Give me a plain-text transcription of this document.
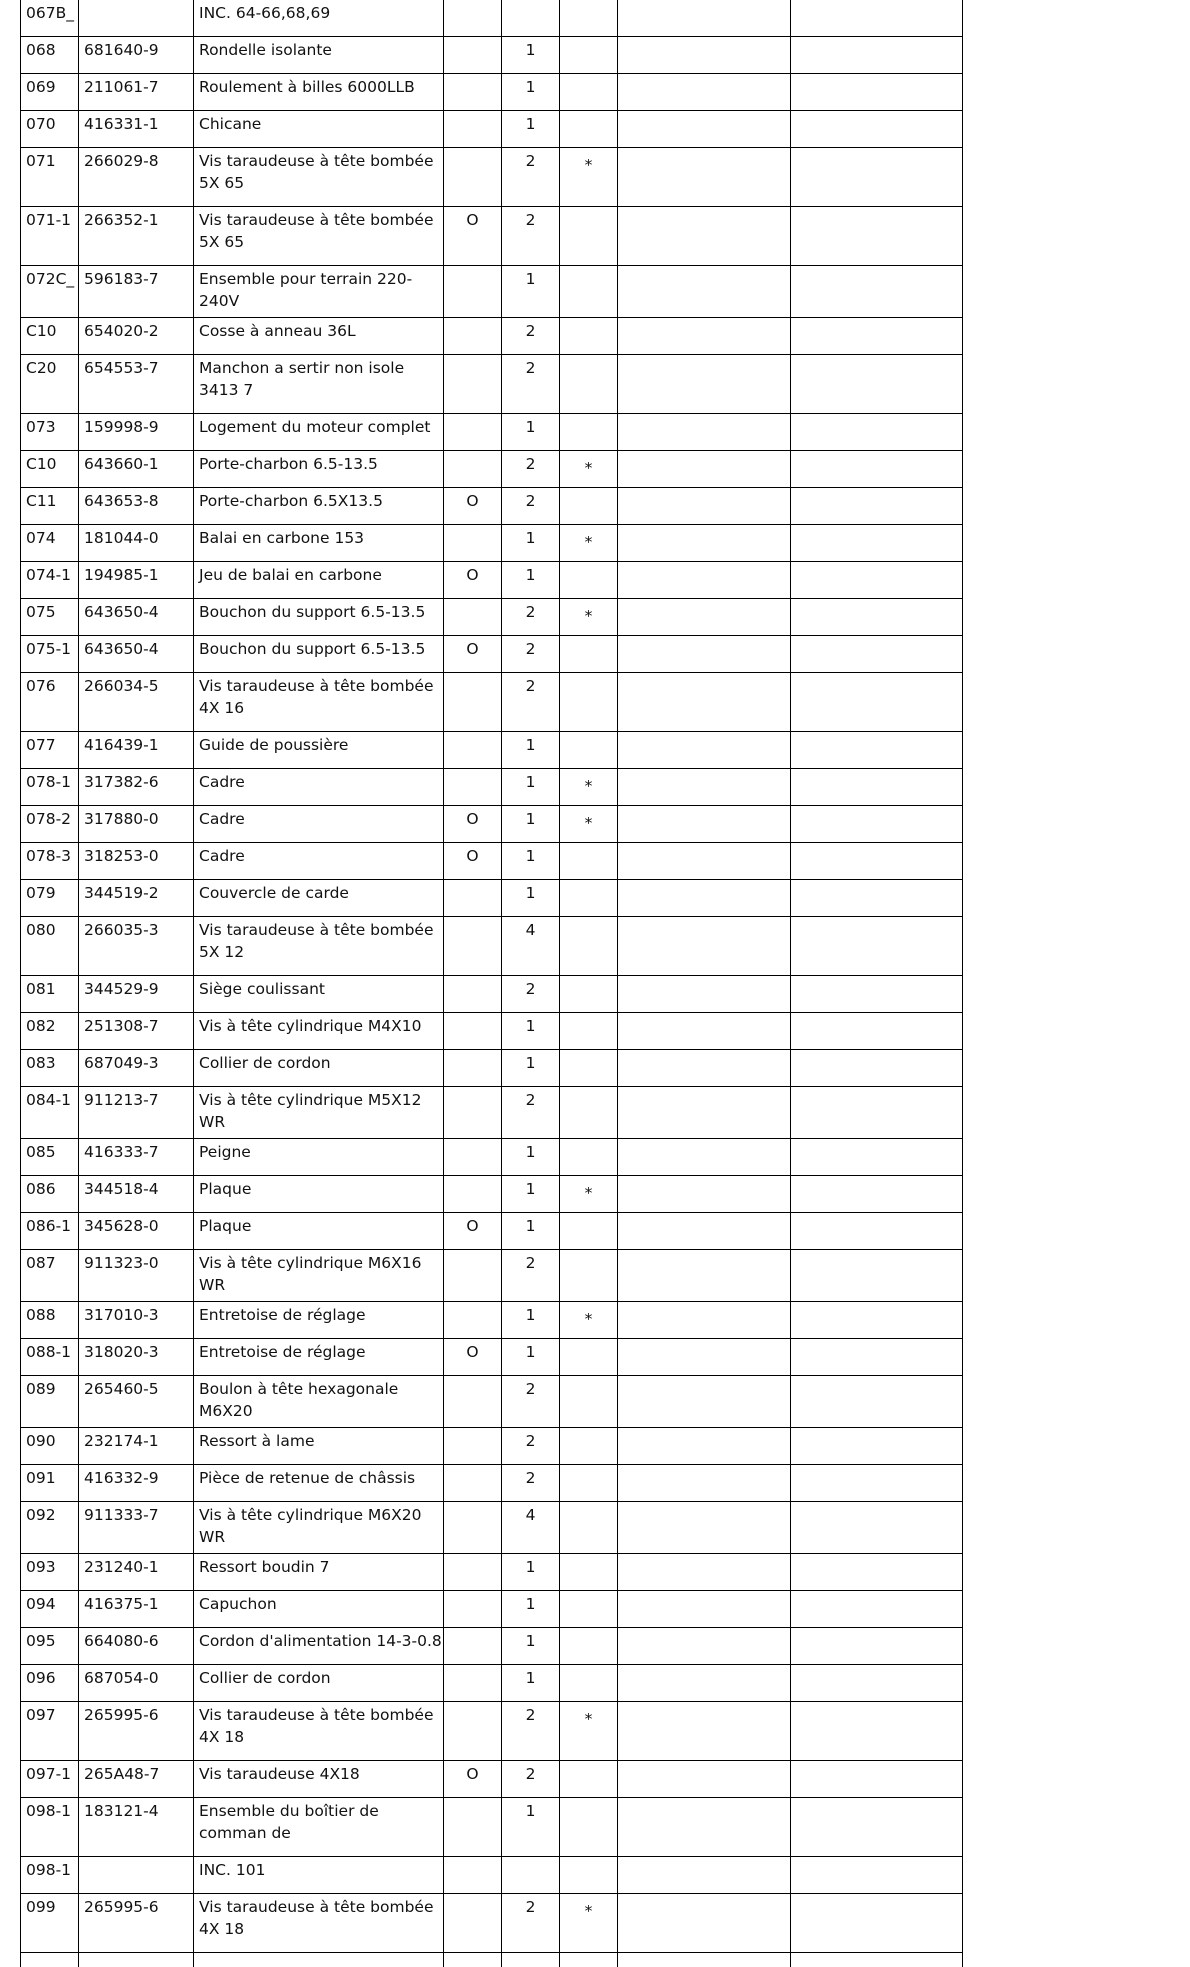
067B_		INC. 64-66,68,69					
068	681640-9	Rondelle isolante		1			
069	211061-7	Roulement à billes 6000LLB		1			
070	416331-1	Chicane		1			
071	266029-8	Vis taraudeuse à tête bombée 5X 65		2	*		
071-1	266352-1	Vis taraudeuse à tête bombée 5X 65	O	2			
072C_	596183-7	Ensemble pour terrain 220-240V		1			
C10	654020-2	Cosse à anneau 36L		2			
C20	654553-7	Manchon a sertir non isole 3413 7		2			
073	159998-9	Logement du moteur complet		1			
C10	643660-1	Porte-charbon 6.5-13.5		2	*		
C11	643653-8	Porte-charbon 6.5X13.5	O	2			
074	181044-0	Balai en carbone 153		1	*		
074-1	194985-1	Jeu de balai en carbone	O	1			
075	643650-4	Bouchon du support 6.5-13.5		2	*		
075-1	643650-4	Bouchon du support 6.5-13.5	O	2			
076	266034-5	Vis taraudeuse à tête bombée 4X 16		2			
077	416439-1	Guide de poussière		1			
078-1	317382-6	Cadre		1	*		
078-2	317880-0	Cadre	O	1	*		
078-3	318253-0	Cadre	O	1			
079	344519-2	Couvercle de carde		1			
080	266035-3	Vis taraudeuse à tête bombée 5X 12		4			
081	344529-9	Siège coulissant		2			
082	251308-7	Vis à tête cylindrique M4X10		1			
083	687049-3	Collier de cordon		1			
084-1	911213-7	Vis à tête cylindrique M5X12 WR		2			
085	416333-7	Peigne		1			
086	344518-4	Plaque		1	*		
086-1	345628-0	Plaque	O	1			
087	911323-0	Vis à tête cylindrique M6X16 WR		2			
088	317010-3	Entretoise de réglage		1	*		
088-1	318020-3	Entretoise de réglage	O	1			
089	265460-5	Boulon à tête hexagonale M6X20		2			
090	232174-1	Ressort à lame		2			
091	416332-9	Pièce de retenue de châssis		2			
092	911333-7	Vis à tête cylindrique M6X20 WR		4			
093	231240-1	Ressort boudin 7		1			
094	416375-1	Capuchon		1			
095	664080-6	Cordon d'alimentation 14-3-0.8		1			
096	687054-0	Collier de cordon		1			
097	265995-6	Vis taraudeuse à tête bombée 4X 18		2	*		
097-1	265A48-7	Vis taraudeuse 4X18	O	2			
098-1	183121-4	Ensemble du boîtier de comman de		1			
098-1		INC. 101					
099	265995-6	Vis taraudeuse à tête bombée 4X 18		2	*		
